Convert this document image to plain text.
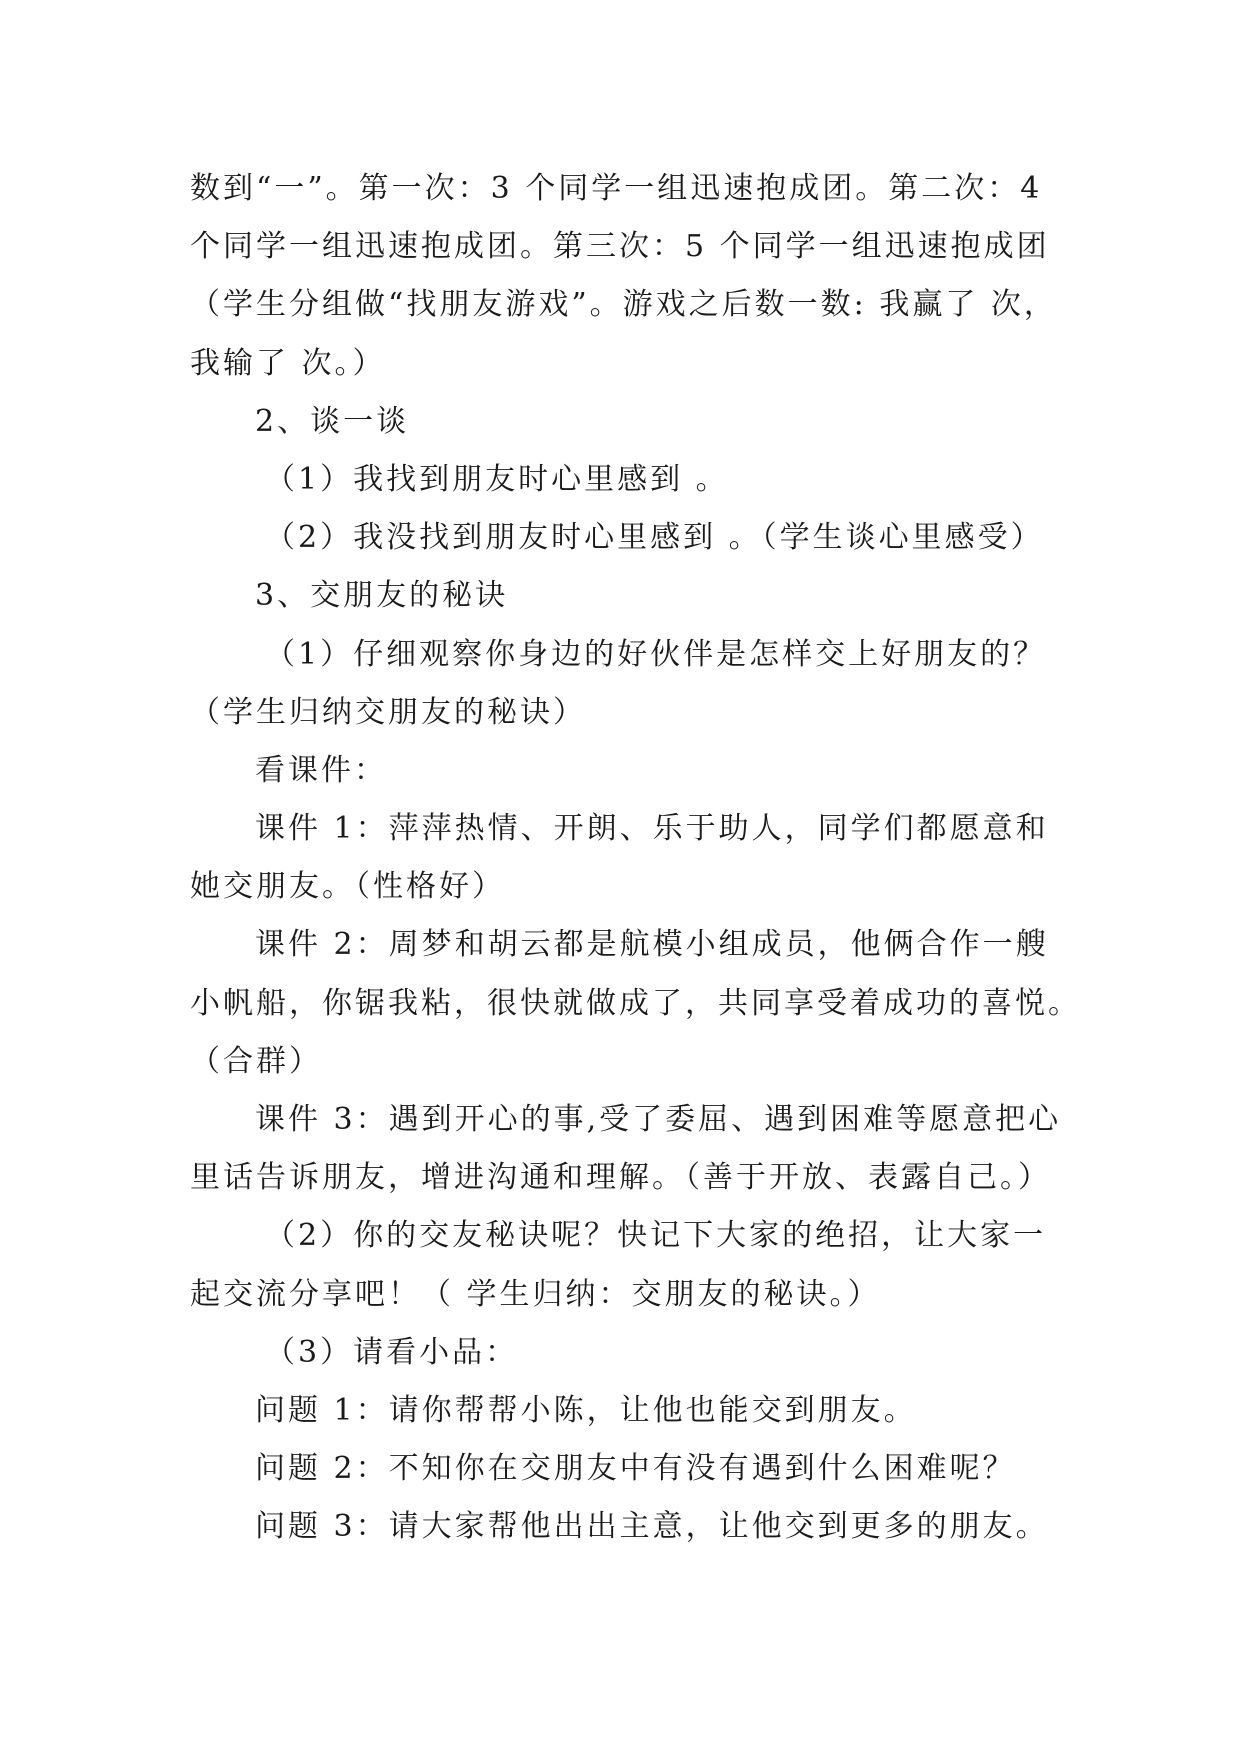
数到“一”。第一次：3 个同学一组迅速抱成团。第二次：4
个同学一组迅速抱成团。第三次：5 个同学一组迅速抱成团
（学生分组做“找朋友游戏”。游戏之后数一数: 我赢了 次，
我输了 次。）
2、谈一谈
（1）我找到朋友时心里感到 。
（2）我没找到朋友时心里感到 。（学生谈心里感受）
3、交朋友的秘诀
（1）仔细观察你身边的好伙伴是怎样交上好朋友的？
（学生归纳交朋友的秘诀）
看课件：
课件 1：萍萍热情、开朗、乐于助人，同学们都愿意和
她交朋友。（性格好）
课件 2：周梦和胡云都是航模小组成员，他俩合作一艘
小帆船，你锯我粘，很快就做成了，共同享受着成功的喜悦。
（合群）
课件 3：遇到开心的事,受了委屈、遇到困难等愿意把心
里话告诉朋友，增进沟通和理解。（善于开放、表露自己。）
（2）你的交友秘诀呢？快记下大家的绝招，让大家一
起交流分享吧！（ 学生归纳：交朋友的秘诀。）
（3）请看小品：
问题 1：请你帮帮小陈，让他也能交到朋友。
问题 2：不知你在交朋友中有没有遇到什么困难呢？
问题 3：请大家帮他出出主意，让他交到更多的朋友。
